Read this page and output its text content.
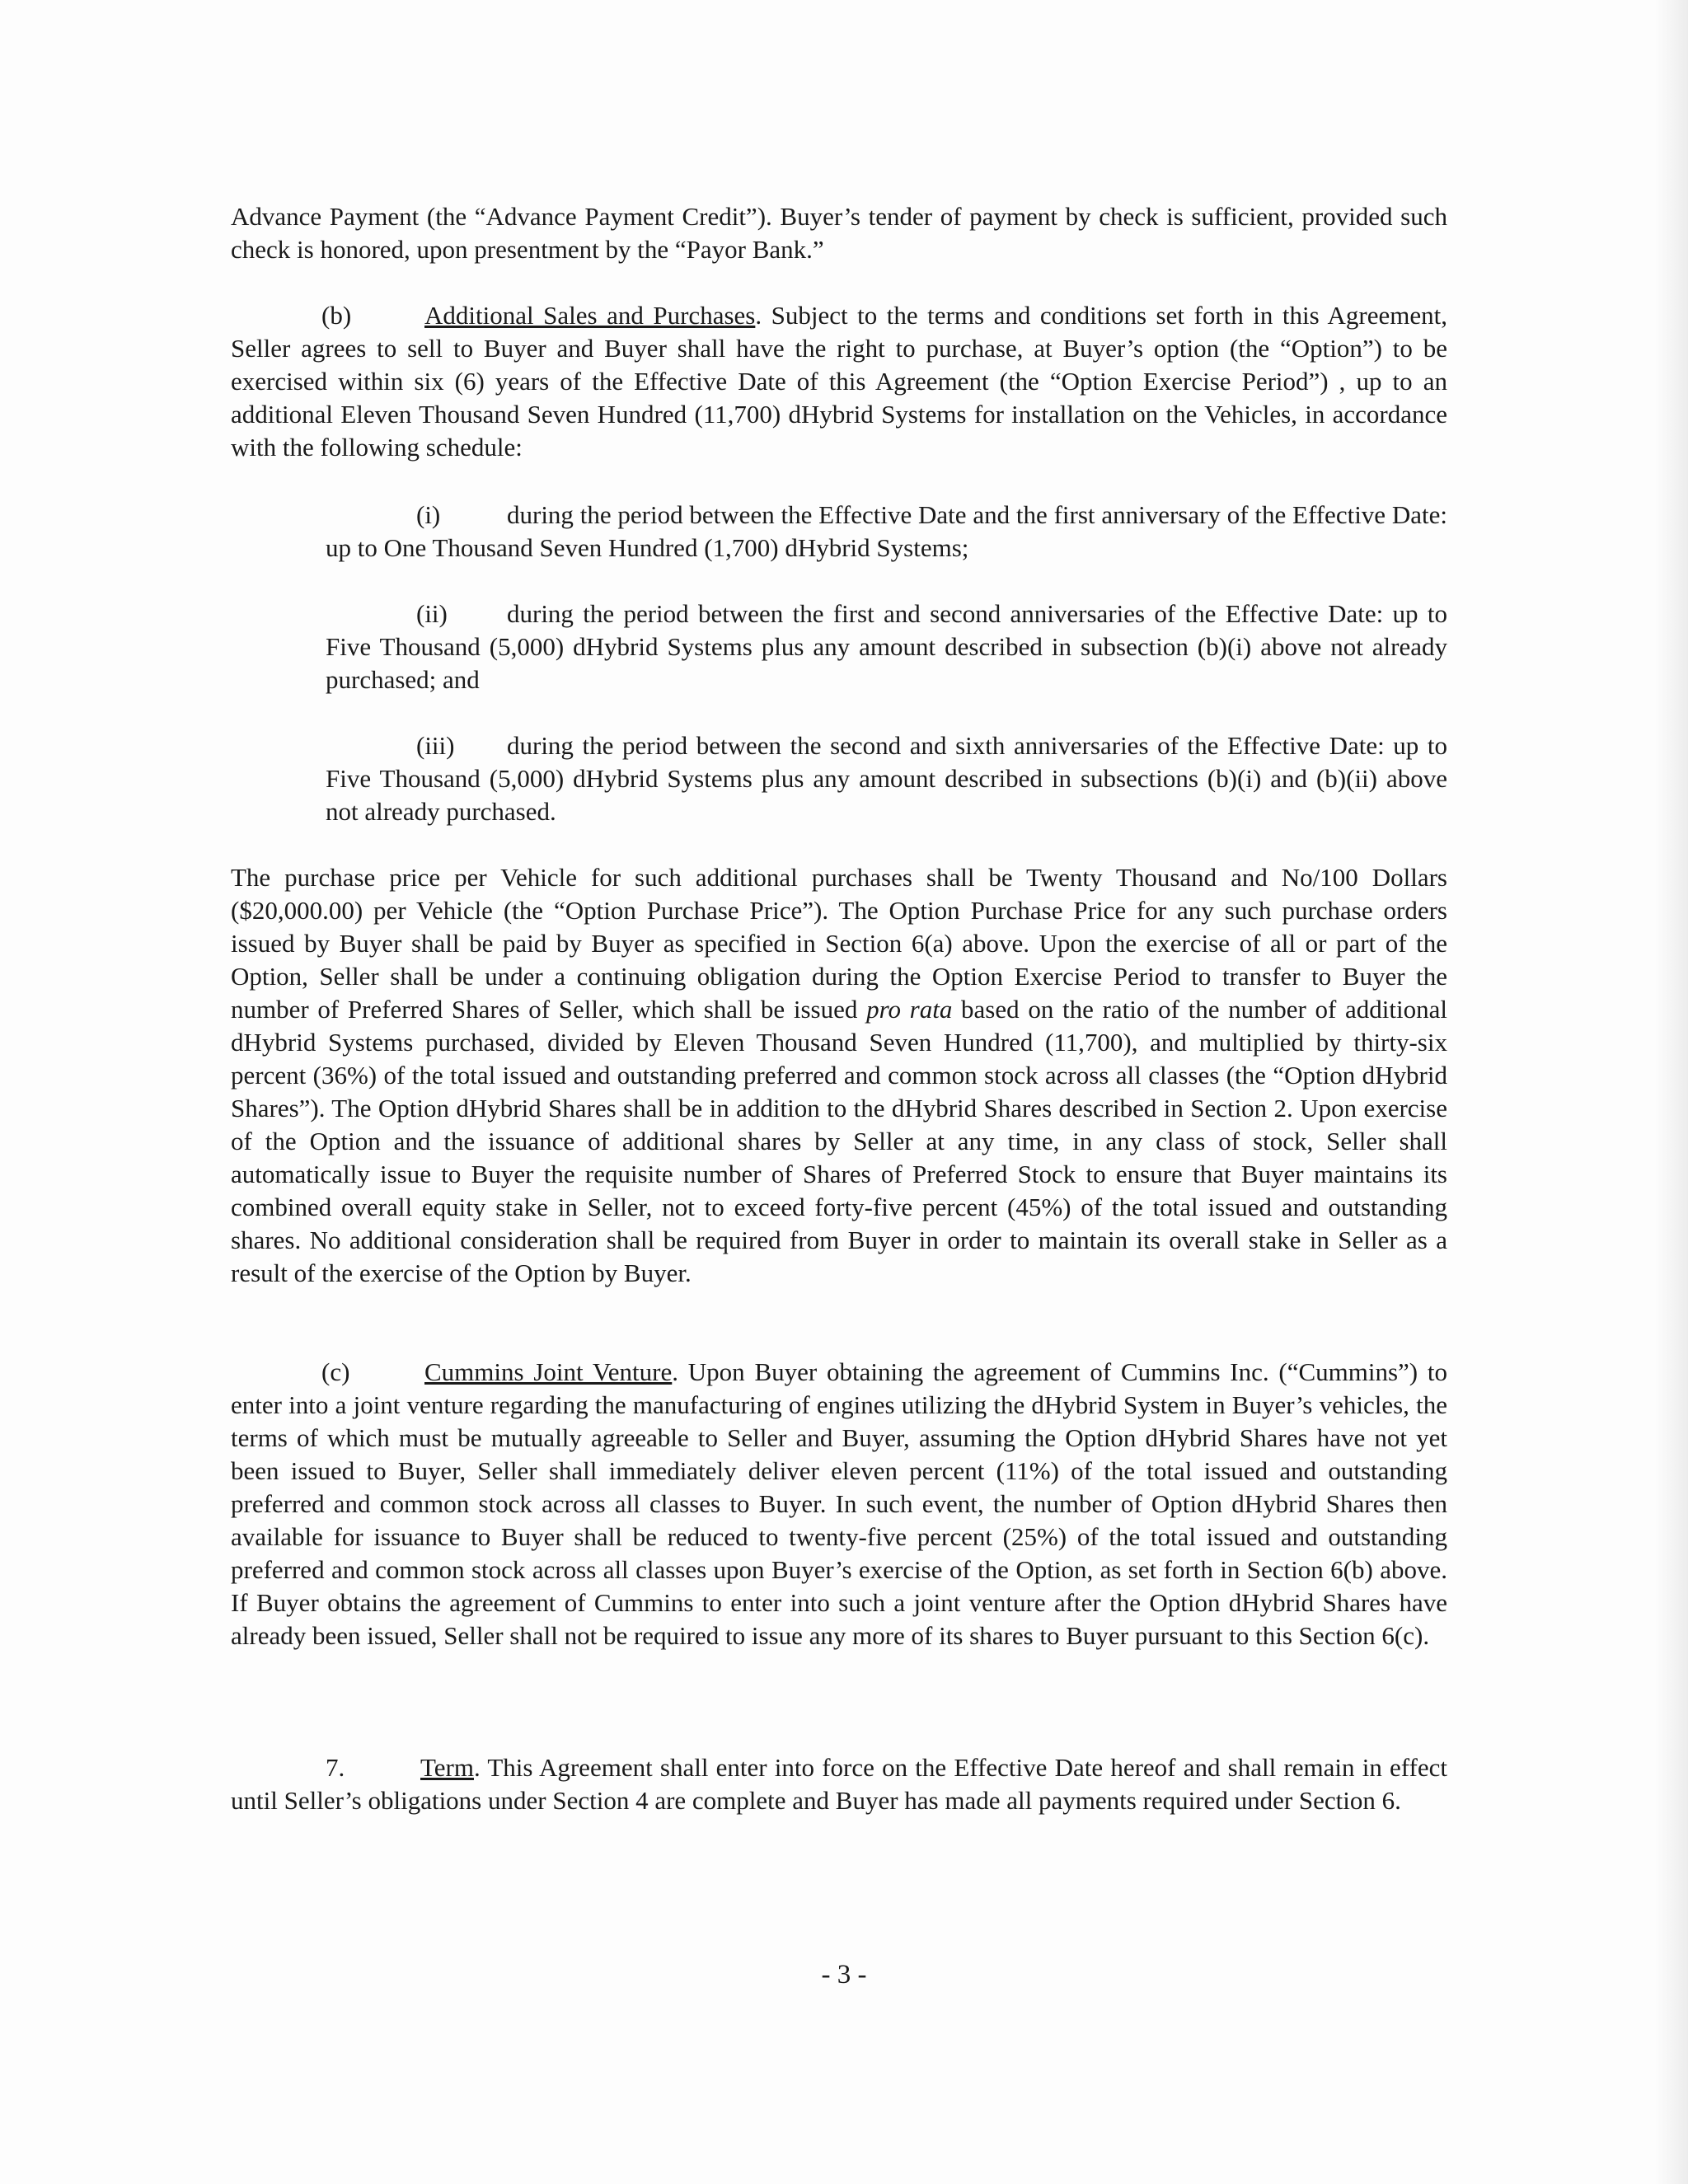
Advance Payment (the “Advance Payment Credit”). Buyer’s tender of payment by check is sufficient, provided such check is honored, upon presentment by the “Payor Bank.”

(b)	Additional Sales and Purchases. Subject to the terms and conditions set forth in this Agreement, Seller agrees to sell to Buyer and Buyer shall have the right to purchase, at Buyer’s option (the “Option”) to be exercised within six (6) years of the Effective Date of this Agreement (the “Option Exercise Period”) , up to an additional Eleven Thousand Seven Hundred (11,700) dHybrid Systems for installation on the Vehicles, in accordance with the following schedule:

(i)	during the period between the Effective Date and the first anniversary of the Effective Date: up to One Thousand Seven Hundred (1,700) dHybrid Systems;

(ii) during the period between the first and second anniversaries of the Effective Date: up to Five Thousand (5,000) dHybrid Systems plus any amount described in subsection (b)(i) above not already purchased; and

(iii) during the period between the second and sixth anniversaries of the Effective Date: up to Five Thousand (5,000) dHybrid Systems plus any amount described in subsections (b)(i) and (b)(ii) above not already purchased.

The purchase price per Vehicle for such additional purchases shall be Twenty Thousand and No/100 Dollars ($20,000.00) per Vehicle (the “Option Purchase Price”). The Option Purchase Price for any such purchase orders issued by Buyer shall be paid by Buyer as specified in Section 6(a) above. Upon the exercise of all or part of the Option, Seller shall be under a continuing obligation during the Option Exercise Period to transfer to Buyer the number of Preferred Shares of Seller, which shall be issued pro rata based on the ratio of the number of additional dHybrid Systems purchased, divided by Eleven Thousand Seven Hundred (11,700), and multiplied by thirty-six percent (36%) of the total issued and outstanding preferred and common stock across all classes (the “Option dHybrid Shares”). The Option dHybrid Shares shall be in addition to the dHybrid Shares described in Section 2. Upon exercise of the Option and the issuance of additional shares by Seller at any time, in any class of stock, Seller shall automatically issue to Buyer the requisite number of Shares of Preferred Stock to ensure that Buyer maintains its combined overall equity stake in Seller, not to exceed forty-five percent (45%) of the total issued and outstanding shares. No additional consideration shall be required from Buyer in order to maintain its overall stake in Seller as a result of the exercise of the Option by Buyer.

(c)	Cummins Joint Venture. Upon Buyer obtaining the agreement of Cummins Inc. (“Cummins”) to enter into a joint venture regarding the manufacturing of engines utilizing the dHybrid System in Buyer’s vehicles, the terms of which must be mutually agreeable to Seller and Buyer, assuming the Option dHybrid Shares have not yet been issued to Buyer, Seller shall immediately deliver eleven percent (11%) of the total issued and outstanding preferred and common stock across all classes to Buyer. In such event, the number of Option dHybrid Shares then available for issuance to Buyer shall be reduced to twenty-five percent (25%) of the total issued and outstanding preferred and common stock across all classes upon Buyer’s exercise of the Option, as set forth in Section 6(b) above. If Buyer obtains the agreement of Cummins to enter into such a joint venture after the Option dHybrid Shares have already been issued, Seller shall not be required to issue any more of its shares to Buyer pursuant to this Section 6(c).

7.	Term. This Agreement shall enter into force on the Effective Date hereof and shall remain in effect until Seller’s obligations under Section 4 are complete and Buyer has made all payments required under Section 6.

- 3 -
